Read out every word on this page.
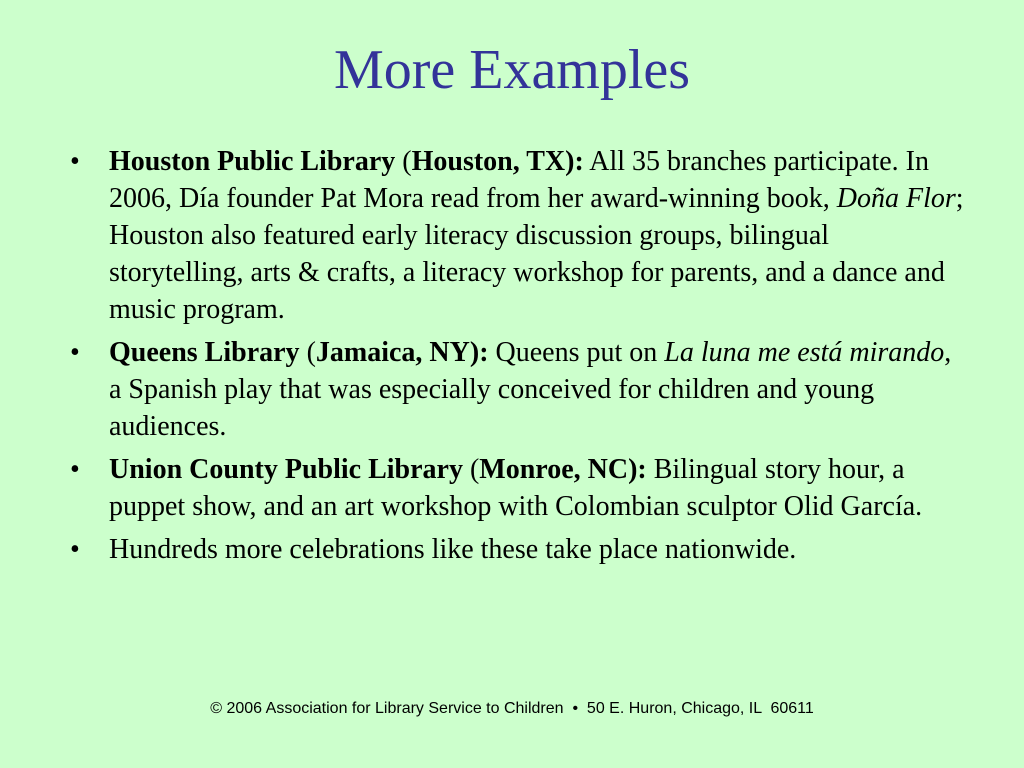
More Examples
• Houston Public Library (Houston, TX): All 35 branches participate. In 2006, Día founder Pat Mora read from her award-winning book, Doña Flor; Houston also featured early literacy discussion groups, bilingual storytelling, arts & crafts, a literacy workshop for parents, and a dance and music program.
• Queens Library (Jamaica, NY): Queens put on La luna me está mirando, a Spanish play that was especially conceived for children and young audiences.
• Union County Public Library (Monroe, NC): Bilingual story hour, a puppet show, and an art workshop with Colombian sculptor Olid García.
• Hundreds more celebrations like these take place nationwide.
© 2006 Association for Library Service to Children  •  50 E. Huron, Chicago, IL  60611
